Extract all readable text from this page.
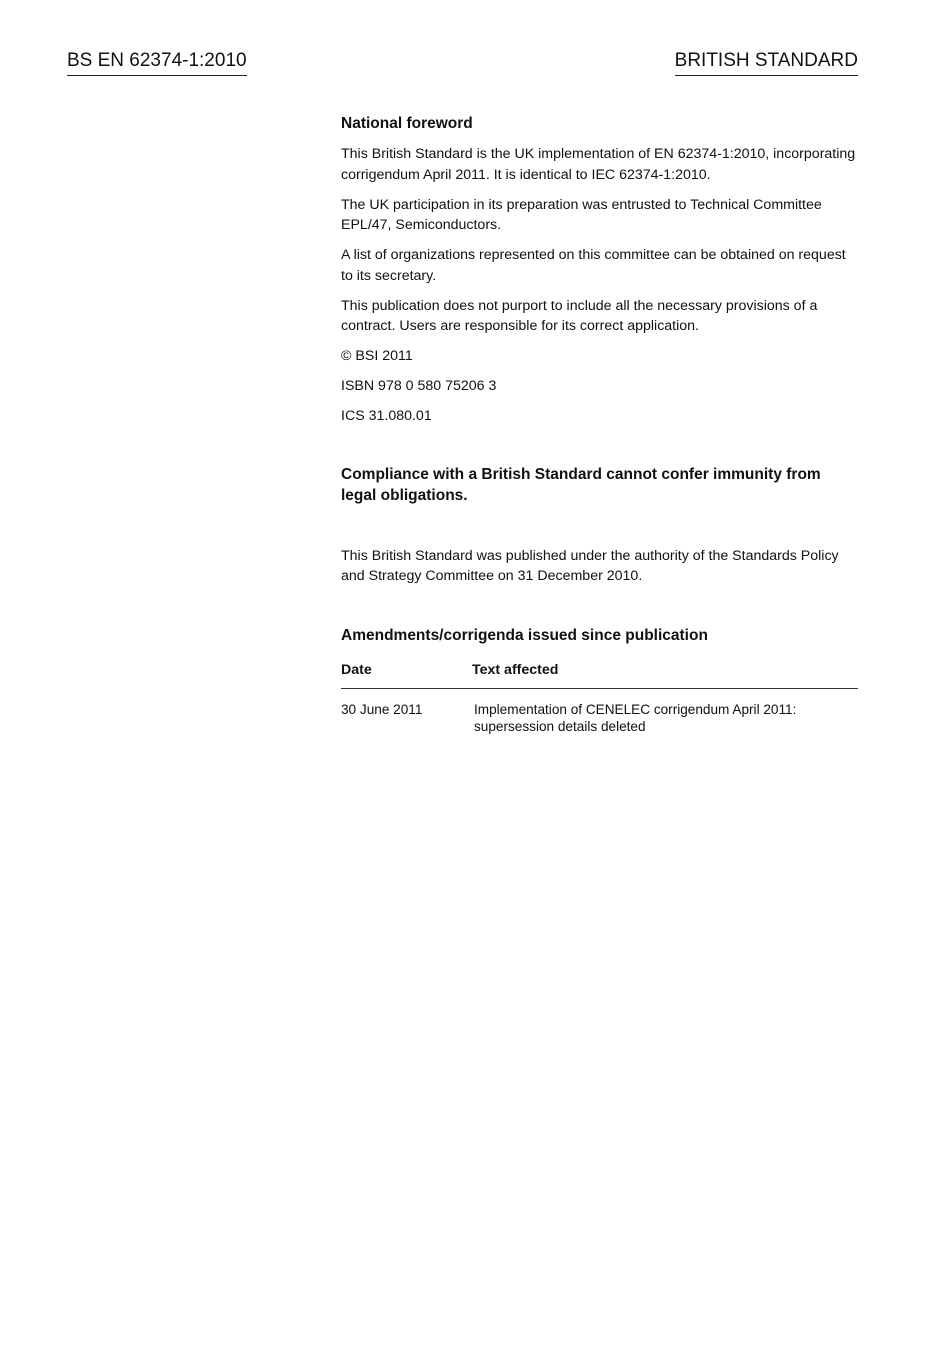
BS EN 62374-1:2010	BRITISH STANDARD
National foreword
This British Standard is the UK implementation of EN 62374-1:2010, incorporating corrigendum April 2011. It is identical to IEC 62374-1:2010.
The UK participation in its preparation was entrusted to Technical Committee EPL/47, Semiconductors.
A list of organizations represented on this committee can be obtained on request to its secretary.
This publication does not purport to include all the necessary provisions of a contract. Users are responsible for its correct application.
© BSI 2011
ISBN 978 0 580 75206 3
ICS 31.080.01
Compliance with a British Standard cannot confer immunity from legal obligations.
This British Standard was published under the authority of the Standards Policy and Strategy Committee on 31 December 2010.
Amendments/corrigenda issued since publication
Date	Text affected
30 June 2011	Implementation of CENELEC corrigendum April 2011: supersession details deleted
